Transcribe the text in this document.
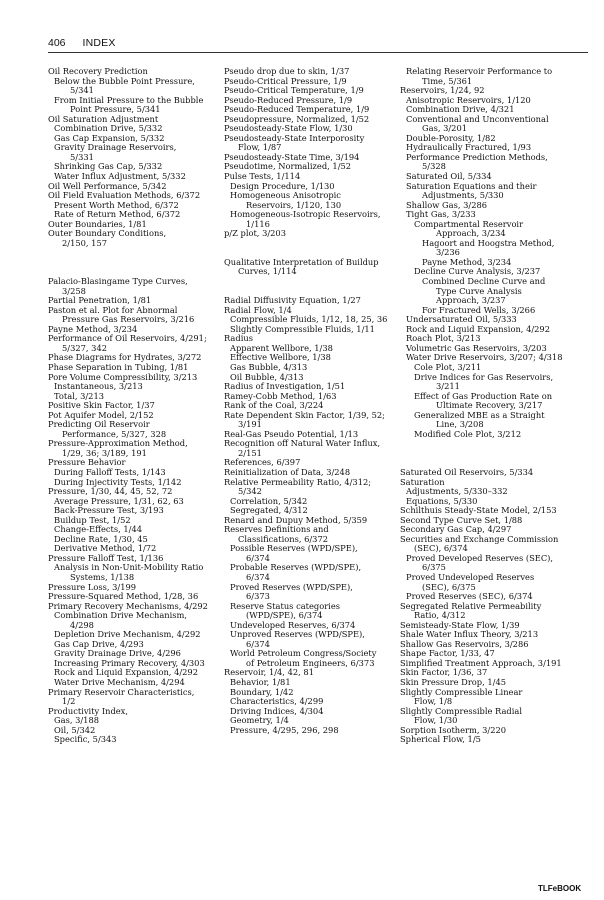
406 INDEX
Oil Recovery Prediction
Below the Bubble Point Pressure,
5/341
From Initial Pressure to the Bubble
Point Pressure, 5/341
Oil Saturation Adjustment
Combination Drive, 5/332
Gas Cap Expansion, 5/332
Gravity Drainage Reservoirs,
5/331
Shrinking Gas Cap, 5/332
Water Influx Adjustment, 5/332
Oil Well Performance, 5/342
Oil Field Evaluation Methods, 6/372
Present Worth Method, 6/372
Rate of Return Method, 6/372
Outer Boundaries, 1/81
Outer Boundary Conditions,
2/150, 157
Palacio-Blasingame Type Curves,
3/258
Partial Penetration, 1/81
Paston et al. Plot for Abnormal
Pressure Gas Reservoirs, 3/216
Payne Method, 3/234
Performance of Oil Reservoirs, 4/291;
5/327, 342
Phase Diagrams for Hydrates, 3/272
Phase Separation in Tubing, 1/81
Pore Volume Compressibility, 3/213
Instantaneous, 3/213
Total, 3/213
Positive Skin Factor, 1/37
Pot Aquifer Model, 2/152
Predicting Oil Reservoir
Performance, 5/327, 328
Pressure-Approximation Method,
1/29, 36; 3/189, 191
Pressure Behavior
During Falloff Tests, 1/143
During Injectivity Tests, 1/142
Pressure, 1/30, 44, 45, 52, 72
Average Pressure, 1/31, 62, 63
Back-Pressure Test, 3/193
Buildup Test, 1/52
Change-Effects, 1/44
Decline Rate, 1/30, 45
Derivative Method, 1/72
Pressure Falloff Test, 1/136
Analysis in Non-Unit-Mobility Ratio
Systems, 1/138
Pressure Loss, 3/199
Pressure-Squared Method, 1/28, 36
Primary Recovery Mechanisms, 4/292
Combination Drive Mechanism,
4/298
Depletion Drive Mechanism, 4/292
Gas Cap Drive, 4/293
Gravity Drainage Drive, 4/296
Increasing Primary Recovery, 4/303
Rock and Liquid Expansion, 4/292
Water Drive Mechanism, 4/294
Primary Reservoir Characteristics,
1/2
Productivity Index,
Gas, 3/188
Oil, 5/342
Specific, 5/343
Pseudo drop due to skin, 1/37
Pseudo-Critical Pressure, 1/9
Pseudo-Critical Temperature, 1/9
Pseudo-Reduced Pressure, 1/9
Pseudo-Reduced Temperature, 1/9
Pseudopressure, Normalized, 1/52
Pseudosteady-State Flow, 1/30
Pseudosteady-State Interporosity
Flow, 1/87
Pseudosteady-State Time, 3/194
Pseudotime, Normalized, 1/52
Pulse Tests, 1/114
Design Procedure, 1/130
Homogeneous Anisotropic
Reservoirs, 1/120, 130
Homogeneous-Isotropic Reservoirs,
1/116
p/Z plot, 3/203
Qualitative Interpretation of Buildup
Curves, 1/114
Radial Diffusivity Equation, 1/27
Radial Flow, 1/4
Compressible Fluids, 1/12, 18, 25, 36
Slightly Compressible Fluids, 1/11
Radius
Apparent Wellbore, 1/38
Effective Wellbore, 1/38
Gas Bubble, 4/313
Oil Bubble, 4/313
Radius of Investigation, 1/51
Ramey-Cobb Method, 1/63
Rank of the Coal, 3/224
Rate Dependent Skin Factor, 1/39, 52;
3/191
Real-Gas Pseudo Potential, 1/13
Recognition off Natural Water Influx,
2/151
References, 6/397
Reinitialization of Data, 3/248
Relative Permeability Ratio, 4/312;
5/342
Correlation, 5/342
Segregated, 4/312
Renard and Dupuy Method, 5/359
Reserves Definitions and
Classifications, 6/372
Possible Reserves (WPD/SPE),
6/374
Probable Reserves (WPD/SPE),
6/374
Proved Reserves (WPD/SPE),
6/373
Reserve Status categories
(WPD/SPE), 6/374
Undeveloped Reserves, 6/374
Unproved Reserves (WPD/SPE),
6/374
World Petroleum Congress/Society
of Petroleum Engineers, 6/373
Reservoir, 1/4, 42, 81
Behavior, 1/81
Boundary, 1/42
Characteristics, 4/299
Driving Indices, 4/304
Geometry, 1/4
Pressure, 4/295, 296, 298
Relating Reservoir Performance to
Time, 5/361
Reservoirs, 1/24, 92
Anisotropic Reservoirs, 1/120
Combination Drive, 4/321
Conventional and Unconventional
Gas, 3/201
Double-Porosity, 1/82
Hydraulically Fractured, 1/93
Performance Prediction Methods,
5/328
Saturated Oil, 5/334
Saturation Equations and their
Adjustments, 5/330
Shallow Gas, 3/286
Tight Gas, 3/233
Compartmental Reservoir
Approach, 3/234
Hagoort and Hoogstra Method,
3/236
Payne Method, 3/234
Decline Curve Analysis, 3/237
Combined Decline Curve and
Type Curve Analysis
Approach, 3/237
For Fractured Wells, 3/266
Undersaturated Oil, 5/333
Rock and Liquid Expansion, 4/292
Roach Plot, 3/213
Volumetric Gas Reservoirs, 3/203
Water Drive Reservoirs, 3/207; 4/318
Cole Plot, 3/211
Drive Indices for Gas Reservoirs,
3/211
Effect of Gas Production Rate on
Ultimate Recovery, 3/217
Generalized MBE as a Straight
Line, 3/208
Modified Cole Plot, 3/212
Saturated Oil Reservoirs, 5/334
Saturation
Adjustments, 5/330–332
Equations, 5/330
Schilthuis Steady-State Model, 2/153
Second Type Curve Set, 1/88
Secondary Gas Cap, 4/297
Securities and Exchange Commission
(SEC), 6/374
Proved Developed Reserves (SEC),
6/375
Proved Undeveloped Reserves
(SEC), 6/375
Proved Reserves (SEC), 6/374
Segregated Relative Permeability
Ratio, 4/312
Semisteady-State Flow, 1/39
Shale Water Influx Theory, 3/213
Shallow Gas Reservoirs, 3/286
Shape Factor, 1/33, 47
Simplified Treatment Approach, 3/191
Skin Factor, 1/36, 37
Skin Pressure Drop, 1/45
Slightly Compressible Linear
Flow, 1/8
Slightly Compressible Radial
Flow, 1/30
Sorption Isotherm, 3/220
Spherical Flow, 1/5
TLFeBOOK
